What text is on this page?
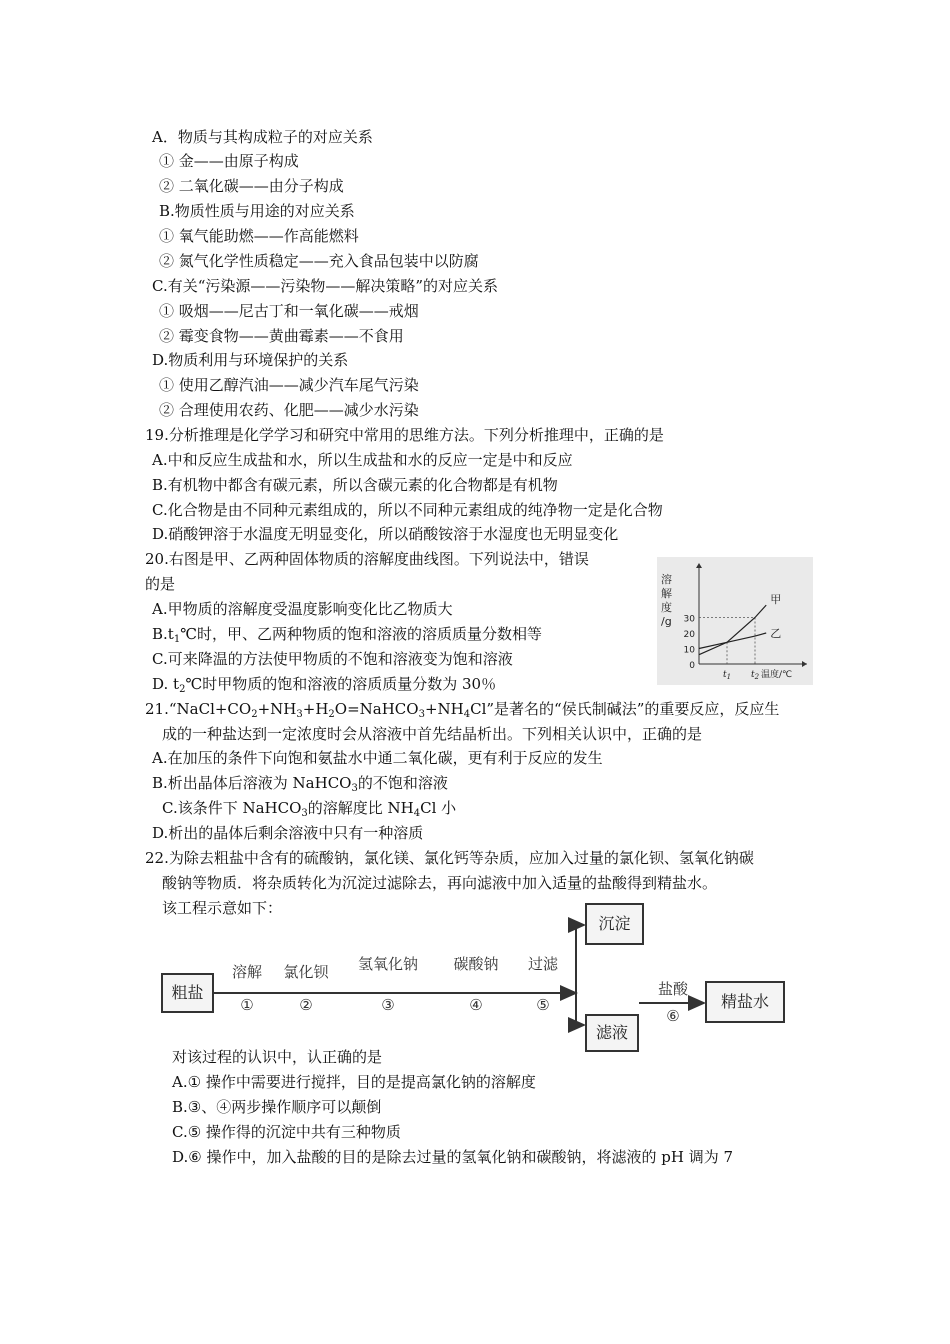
A．物质与其构成粒子的对应关系
① 金——由原子构成
② 二氧化碳——由分子构成
B.物质性质与用途的对应关系
① 氧气能助燃——作高能燃料
② 氮气化学性质稳定——充入食品包装中以防腐
C.有关“污染源——污染物——解决策略”的对应关系
① 吸烟——尼古丁和一氧化碳——戒烟
② 霉变食物——黄曲霉素——不食用
D.物质利用与环境保护的关系
① 使用乙醇汽油——减少汽车尾气污染
② 合理使用农药、化肥——减少水污染
19.分析推理是化学学习和研究中常用的思维方法。下列分析推理中，正确的是
A.中和反应生成盐和水，所以生成盐和水的反应一定是中和反应
B.有机物中都含有碳元素，所以含碳元素的化合物都是有机物
C.化合物是由不同种元素组成的，所以不同种元素组成的纯净物一定是化合物
D.硝酸钾溶于水温度无明显变化，所以硝酸铵溶于水湿度也无明显变化
20.右图是甲、乙两种固体物质的溶解度曲线图。下列说法中，错误
的是
A.甲物质的溶解度受温度影响变化比乙物质大
$B.t_1℃$时，甲、乙两种物质的饱和溶液的溶质质量分数相等
C.可来降温的方法使甲物质的不饱和溶液变为饱和溶液
D. $t_2℃$时甲物质的饱和溶液的溶质质量分数为 30％
溶
解
度
/g
0
10
20
30
$t_1$ $t_2$ 温度/℃
甲
乙
$21.“NaCl+CO_2+NH_3+H_2O=NaHCO_3+NH_4Cl$”是著名的“侯氏制碱法”的重要反应，反应生
成的一种盐达到一定浓度时会从溶液中首先结晶析出。下列相关认识中，正确的是
A.在加压的条件下向饱和氨盐水中通二氧化碳，更有利于反应的发生
B.析出晶体后溶液为 NaHCO$_3$的不饱和溶液
C.该条件下 NaHCO$_3$的溶解度比 $NH_4Cl$ 小
D.析出的晶体后剩余溶液中只有一种溶质
22.为除去粗盐中含有的硫酸钠，氯化镁、氯化钙等杂质，应加入过量的氯化钡、氢氧化钠碳
酸钠等物质．将杂质转化为沉淀过滤除去，再向滤液中加入适量的盐酸得到精盐水。
该工程示意如下：
粗盐
沉淀
滤液
精盐水
溶解
①
氯化钡
②
氢氧化钠
③
碳酸钠
④
过滤
⑤
盐酸
⑥
对该过程的认识中，认正确的是
A.① 操作中需要进行搅拌，目的是提高氯化钠的溶解度
B.③、④两步操作顺序可以颠倒
C.⑤ 操作得的沉淀中共有三种物质
D.⑥ 操作中，加入盐酸的目的是除去过量的氢氧化钠和碳酸钠，将滤液的 pH 调为 7
